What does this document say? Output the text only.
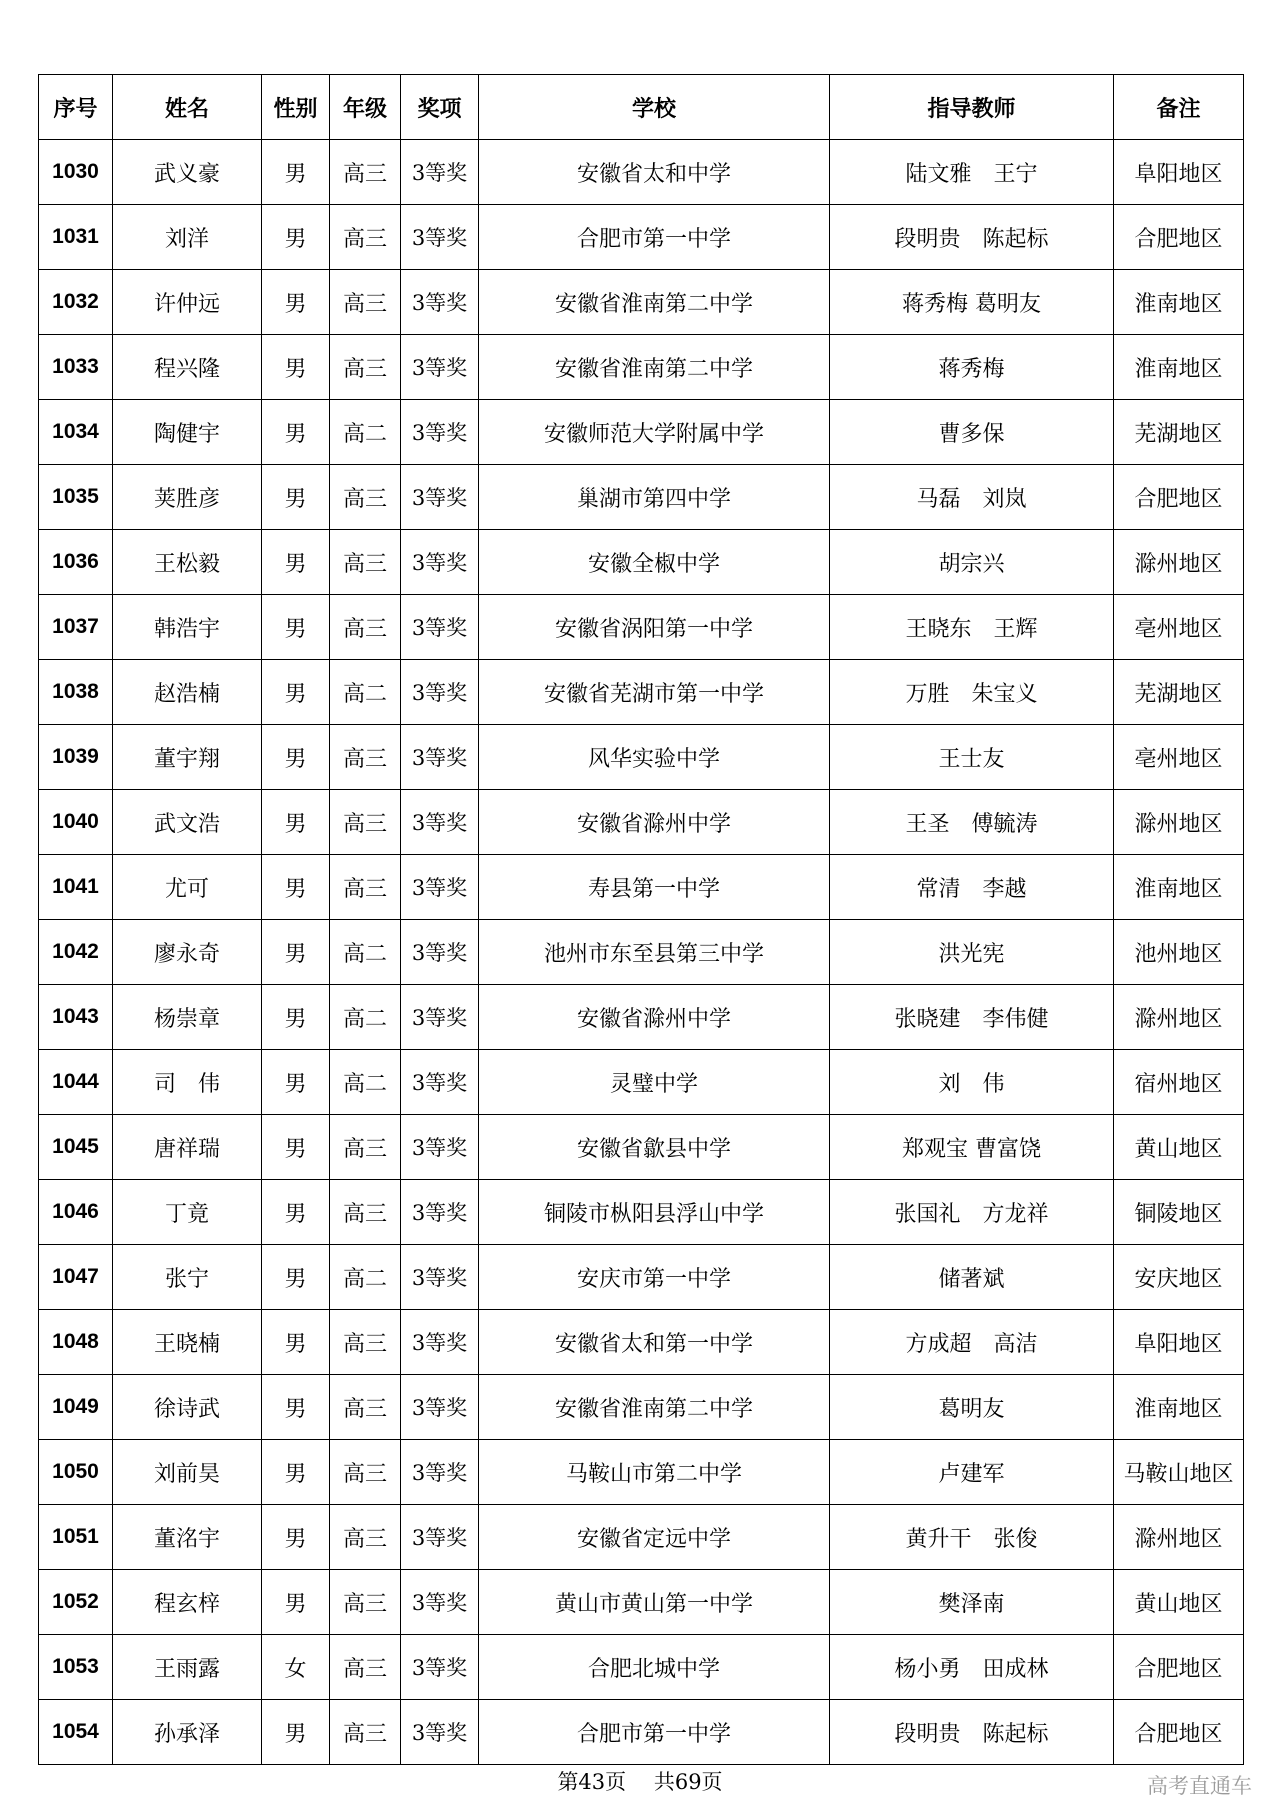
序号	姓名	性别	年级	奖项	学校	指导教师	备注
1030	武义豪	男	高三	3等奖	安徽省太和中学	陆文雅　王宁	阜阳地区
1031	刘洋	男	高三	3等奖	合肥市第一中学	段明贵　陈起标	合肥地区
1032	许仲远	男	高三	3等奖	安徽省淮南第二中学	蒋秀梅 葛明友	淮南地区
1033	程兴隆	男	高三	3等奖	安徽省淮南第二中学	蒋秀梅	淮南地区
1034	陶健宇	男	高二	3等奖	安徽师范大学附属中学	曹多保	芜湖地区
1035	荚胜彦	男	高三	3等奖	巢湖市第四中学	马磊　刘岚	合肥地区
1036	王松毅	男	高三	3等奖	安徽全椒中学	胡宗兴	滁州地区
1037	韩浩宇	男	高三	3等奖	安徽省涡阳第一中学	王晓东　王辉	亳州地区
1038	赵浩楠	男	高二	3等奖	安徽省芜湖市第一中学	万胜　朱宝义	芜湖地区
1039	董宇翔	男	高三	3等奖	风华实验中学	王士友	亳州地区
1040	武文浩	男	高三	3等奖	安徽省滁州中学	王圣　傅毓涛	滁州地区
1041	尤可	男	高三	3等奖	寿县第一中学	常清　李越	淮南地区
1042	廖永奇	男	高二	3等奖	池州市东至县第三中学	洪光宪	池州地区
1043	杨崇章	男	高二	3等奖	安徽省滁州中学	张晓建　李伟健	滁州地区
1044	司　伟	男	高二	3等奖	灵璧中学	刘　伟	宿州地区
1045	唐祥瑞	男	高三	3等奖	安徽省歙县中学	郑观宝 曹富饶	黄山地区
1046	丁竟	男	高三	3等奖	铜陵市枞阳县浮山中学	张国礼　方龙祥	铜陵地区
1047	张宁	男	高二	3等奖	安庆市第一中学	储著斌	安庆地区
1048	王晓楠	男	高三	3等奖	安徽省太和第一中学	方成超　高洁	阜阳地区
1049	徐诗武	男	高三	3等奖	安徽省淮南第二中学	葛明友	淮南地区
1050	刘前昊	男	高三	3等奖	马鞍山市第二中学	卢建军	马鞍山地区
1051	董洺宇	男	高三	3等奖	安徽省定远中学	黄升干　张俊	滁州地区
1052	程玄梓	男	高三	3等奖	黄山市黄山第一中学	樊泽南	黄山地区
1053	王雨露	女	高三	3等奖	合肥北城中学	杨小勇　田成林	合肥地区
1054	孙承泽	男	高三	3等奖	合肥市第一中学	段明贵　陈起标	合肥地区
第43页　 共69页	高考直通车
